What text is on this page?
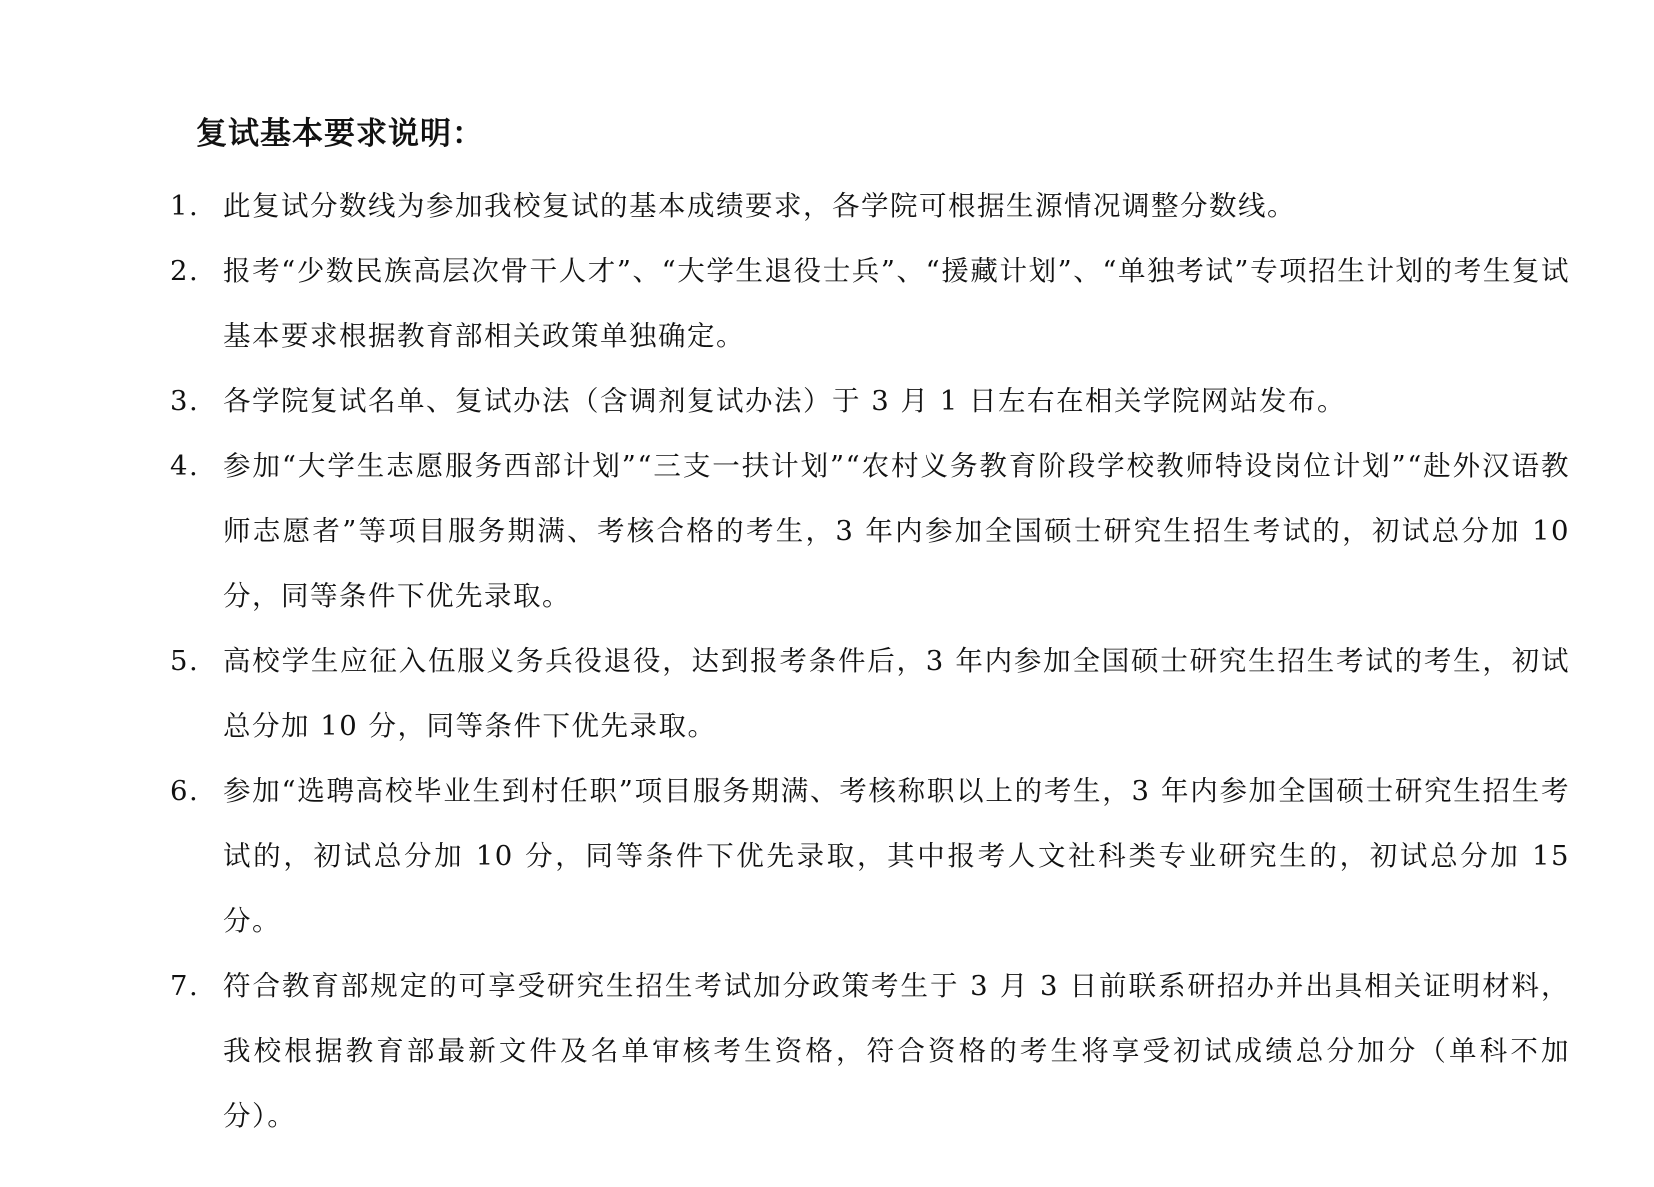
复试基本要求说明：
1. 此复试分数线为参加我校复试的基本成绩要求，各学院可根据生源情况调整分数线。
2. 报考“少数民族高层次骨干人才”、“大学生退役士兵”、“援藏计划”、“单独考试”专项招生计划的考生复试基本要求根据教育部相关政策单独确定。
3. 各学院复试名单、复试办法（含调剂复试办法）于 3 月 1 日左右在相关学院网站发布。
4. 参加“大学生志愿服务西部计划”“三支一扶计划”“农村义务教育阶段学校教师特设岗位计划”“赴外汉语教师志愿者”等项目服务期满、考核合格的考生，3 年内参加全国硕士研究生招生考试的，初试总分加 10 分，同等条件下优先录取。
5. 高校学生应征入伍服义务兵役退役，达到报考条件后，3 年内参加全国硕士研究生招生考试的考生，初试总分加 10 分，同等条件下优先录取。
6. 参加“选聘高校毕业生到村任职”项目服务期满、考核称职以上的考生，3 年内参加全国硕士研究生招生考试的，初试总分加 10 分，同等条件下优先录取，其中报考人文社科类专业研究生的，初试总分加 15 分。
7. 符合教育部规定的可享受研究生招生考试加分政策考生于 3 月 3 日前联系研招办并出具相关证明材料，我校根据教育部最新文件及名单审核考生资格，符合资格的考生将享受初试成绩总分加分（单科不加分）。
